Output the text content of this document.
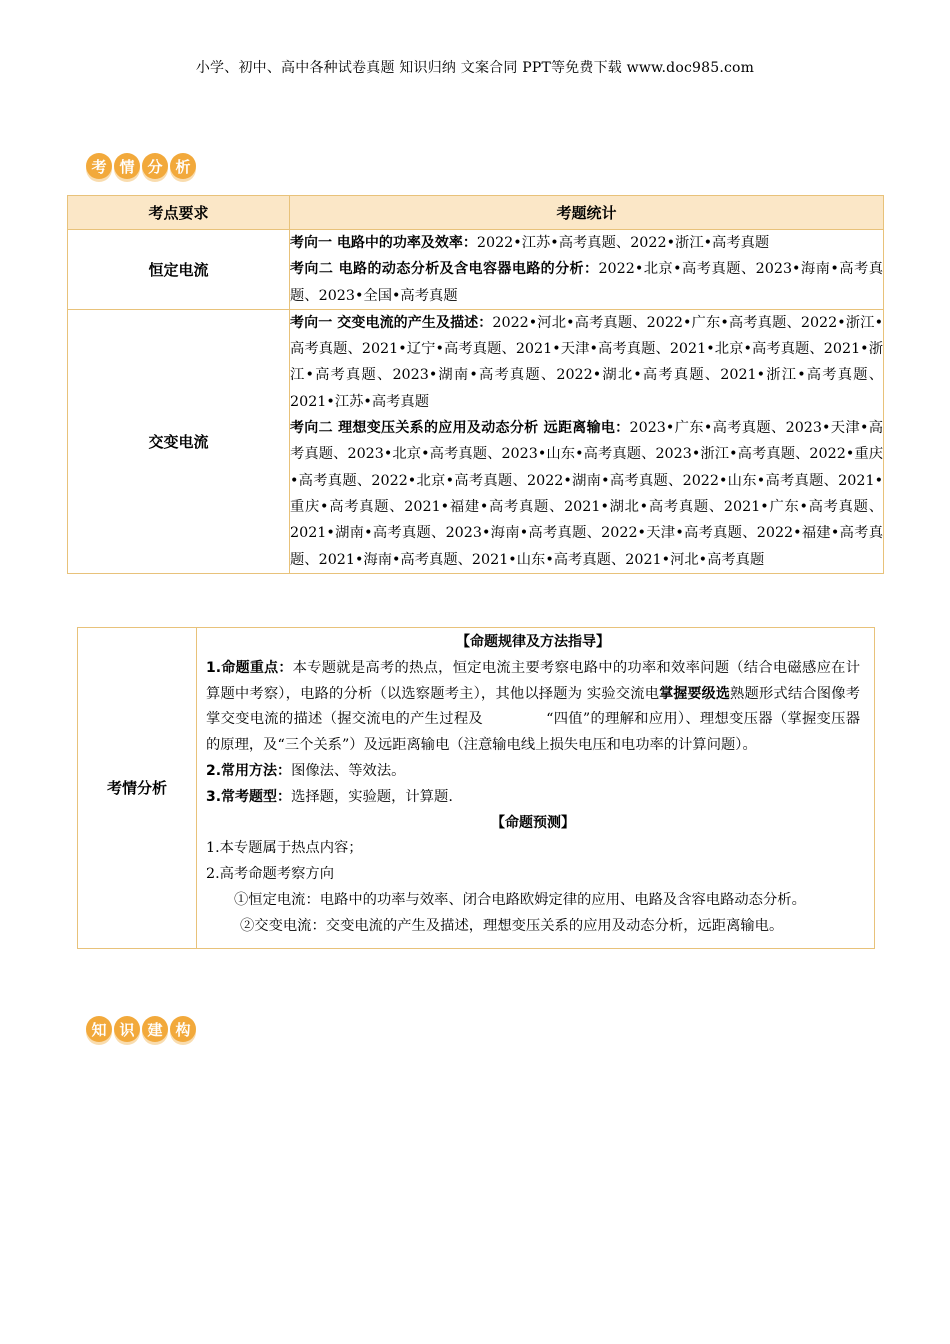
小学、初中、高中各种试卷真题 知识归纳 文案合同 PPT等免费下载 www.doc985.com
考 情 分 析
考点要求	考题统计
恒定电流	考向一 电路中的功率及效率：2022•江苏•高考真题、2022•浙江•高考真题
考向二 电路的动态分析及含电容器电路的分析：2022•北京•高考真题、2023•海南•高考真题、2023•全国•高考真题

交变电流	考向一 交变电流的产生及描述：2022•河北•高考真题、2022•广东•高考真题、2022•浙江•高考真题、2021•辽宁•高考真题、2021•天津•高考真题、2021•北京•高考真题、2021•浙江•高考真题、2023•湖南•高考真题、2022•湖北•高考真题、2021•浙江•高考真题、2021•江苏•高考真题
考向二 理想变压关系的应用及动态分析 远距离输电：2023•广东•高考真题、2023•天津•高考真题、2023•北京•高考真题、2023•山东•高考真题、2023•浙江•高考真题、2022•重庆•高考真题、2022•北京•高考真题、2022•湖南•高考真题、2022•山东•高考真题、2021•重庆•高考真题、2021•福建•高考真题、2021•湖北•高考真题、2021•广东•高考真题、2021•湖南•高考真题、2023•海南•高考真题、2022•天津•高考真题、2022•福建•高考真题、2021•海南•高考真题、2021•山东•高考真题、2021•河北•高考真题
考情分析	
【命题规律及方法指导】
1.命题重点：本专题就是高考的热点，恒定电流主要考察电路中的功率和效率问题（结合电磁感应在计算题中考察），电路的分析（以选察题考主），其他以择题为 实验交流电掌握要级选熟题形式结合图像考掌交变电流的描述（握交流电的产生过程及 　　　　“四值”的理解和应用）、理想变压器（掌握变压器的原理，及“三个关系”）及远距离输电（注意输电线上损失电压和电功率的计算问题）。
2.常用方法：图像法、等效法。
3.常考题型：选择题，实验题，计算题.
【命题预测】
1.本专题属于热点内容；
2.高考命题考察方向
①恒定电流：电路中的功率与效率、闭合电路欧姆定律的应用、电路及含容电路动态分析。
②交变电流：交变电流的产生及描述，理想变压关系的应用及动态分析，远距离输电。
知 识 建 构
